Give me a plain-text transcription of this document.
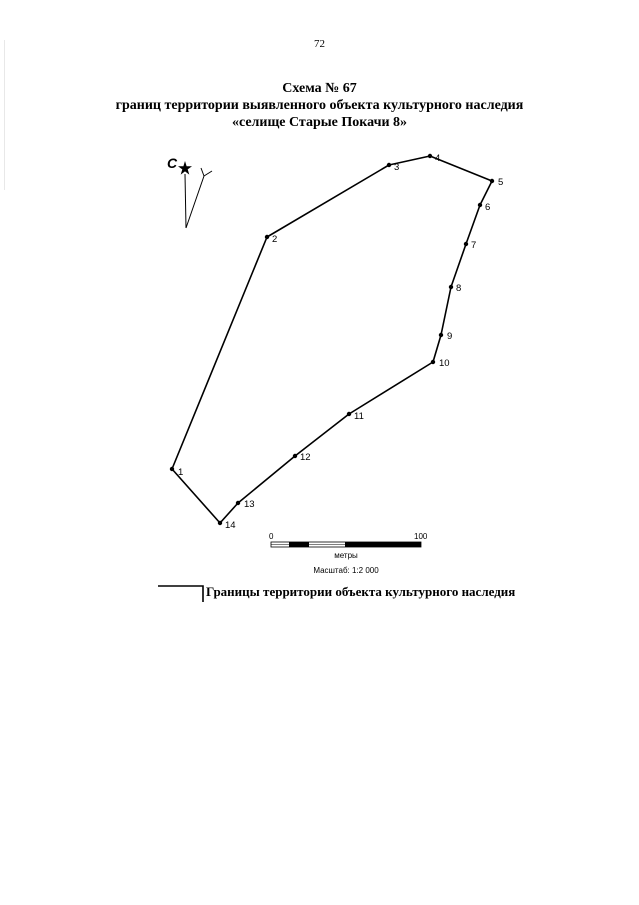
72
Схема № 67
границ территории выявленного объекта культурного наследия
«селище Старые Покачи 8»
С
1
2
3
4
5
6
7
8
9
10
11
12
13
14
0	100
метры
Масштаб: 1:2 000
Границы территории объекта культурного наследия
